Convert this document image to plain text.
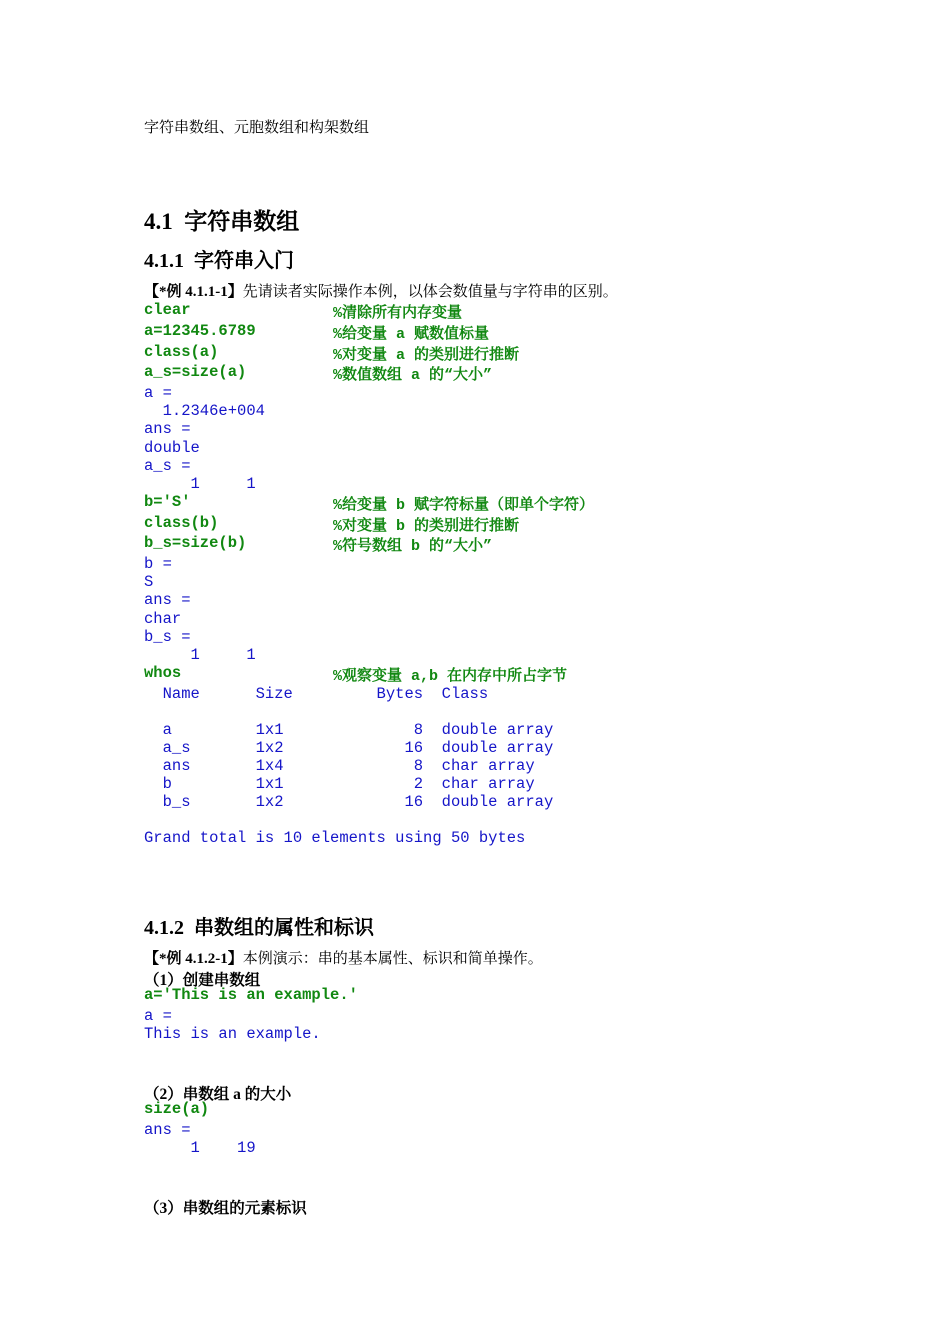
字符串数组、元胞数组和构架数组
4.1  字符串数组
4.1.1  字符串入门
【*例 4.1.1-1】先请读者实际操作本例，以体会数值量与字符串的区别。
clear	%清除所有内存变量
a=12345.6789	%给变量 a 赋数值标量
class(a)	%对变量 a 的类别进行推断
a_s=size(a)	%数值数组 a 的“大小”
a =
1.2346e+004
ans =
double
a_s =
1     1
b='S'	%给变量 b 赋字符标量（即单个字符）
class(b)	%对变量 b 的类别进行推断
b_s=size(b)	%符号数组 b 的“大小”
b =
S
ans =
char
b_s =
1     1
whos	%观察变量 a,b 在内存中所占字节
Name      Size         Bytes  Class
a         1x1              8  double array
a_s       1x2             16  double array
ans       1x4              8  char array
b         1x1              2  char array
b_s       1x2             16  double array
Grand total is 10 elements using 50 bytes
4.1.2  串数组的属性和标识
【*例 4.1.2-1】本例演示：串的基本属性、标识和简单操作。
（1）创建串数组
a='This is an example.'
a =
This is an example.
（2）串数组 a 的大小
size(a)
ans =
1    19
（3）串数组的元素标识
